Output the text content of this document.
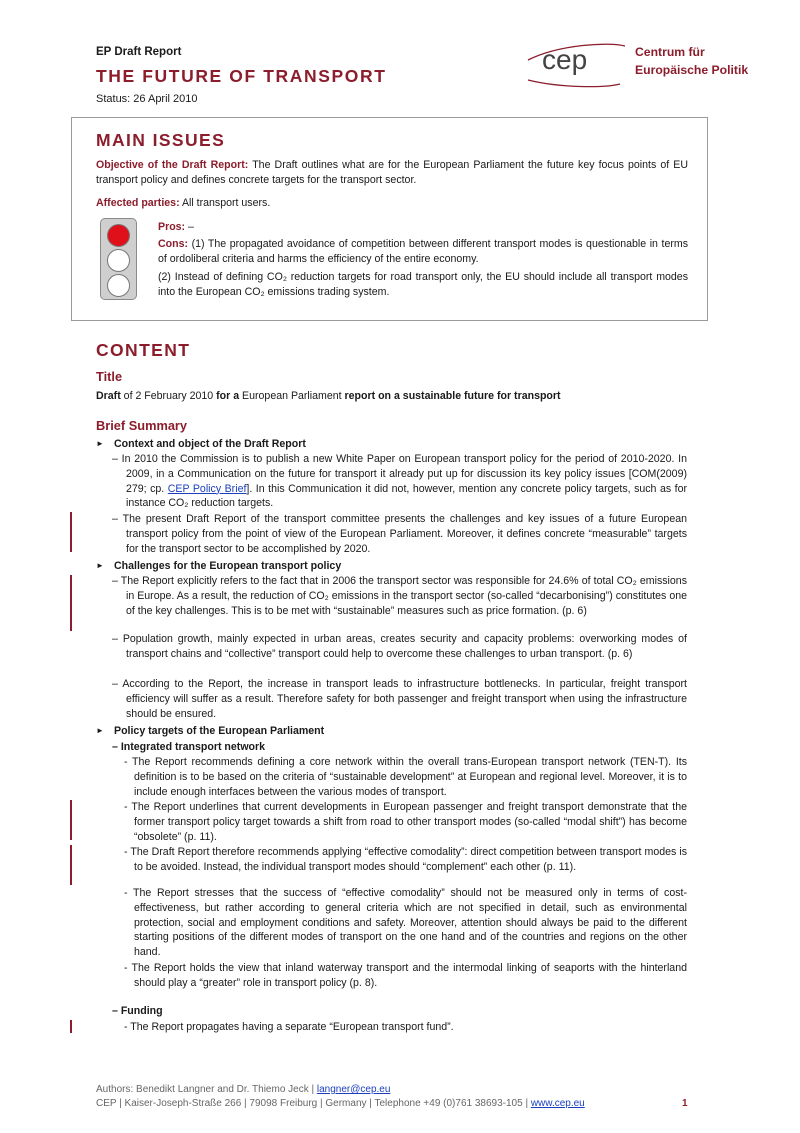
EP Draft Report
THE FUTURE OF TRANSPORT
Status: 26 April 2010
cep	Centrum für
Europäische Politik
MAIN ISSUES
Objective of the Draft Report: The Draft outlines what are for the European Parliament the future key focus points of EU transport policy and defines concrete targets for the transport sector.
Affected parties: All transport users.
Pros: –
Cons: (1) The propagated avoidance of competition between different transport modes is questionable in terms of ordoliberal criteria and harms the efficiency of the entire economy.
(2) Instead of defining CO₂ reduction targets for road transport only, the EU should include all transport modes into the European CO₂ emissions trading system.
CONTENT
Title
Draft of 2 February 2010 for a European Parliament report on a sustainable future for transport
Brief Summary
► Context and object of the Draft Report
– In 2010 the Commission is to publish a new White Paper on European transport policy for the period of 2010-2020. In 2009, in a Communication on the future for transport it already put up for discussion its key policy issues [COM(2009) 279; cp. CEP Policy Brief]. In this Communication it did not, however, mention any concrete policy targets, such as for instance CO₂ reduction targets.
– The present Draft Report of the transport committee presents the challenges and key issues of a future European transport policy from the point of view of the European Parliament. Moreover, it defines concrete “measurable” targets for the transport sector to be accomplished by 2020.
► Challenges for the European transport policy
– The Report explicitly refers to the fact that in 2006 the transport sector was responsible for 24.6% of total CO₂ emissions in Europe. As a result, the reduction of CO₂ emissions in the transport sector (so-called “decarbonising”) constitutes one of the key challenges. This is to be met with “sustainable” measures such as price formation. (p. 6)
– Population growth, mainly expected in urban areas, creates security and capacity problems: overworking modes of transport chains and “collective” transport could help to overcome these challenges to urban transport. (p. 6)
– According to the Report, the increase in transport leads to infrastructure bottlenecks. In particular, freight transport efficiency will suffer as a result. Therefore safety for both passenger and freight transport when using the infrastructure should be ensured.
► Policy targets of the European Parliament
– Integrated transport network
- The Report recommends defining a core network within the overall trans-European transport network (TEN-T). Its definition is to be based on the criteria of “sustainable development” at European and regional level. Moreover, it is to include enough interfaces between the various modes of transport.
- The Report underlines that current developments in European passenger and freight transport demonstrate that the former transport policy target towards a shift from road to other transport modes (so-called “modal shift”) has become “obsolete” (p. 11).
- The Draft Report therefore recommends applying “effective comodality”: direct competition between transport modes is to be avoided. Instead, the individual transport modes should “complement” each other (p. 11).
- The Report stresses that the success of “effective comodality” should not be measured only in terms of cost-effectiveness, but rather according to general criteria which are not specified in detail, such as environmental protection, social and employment conditions and safety. Moreover, attention should always be paid to the different starting positions of the different modes of transport on the one hand and of the countries and regions on the other hand.
- The Report holds the view that inland waterway transport and the intermodal linking of seaports with the hinterland should play a “greater” role in transport policy (p. 8).
– Funding
- The Report propagates having a separate “European transport fund”.
Authors: Benedikt Langner and Dr. Thiemo Jeck | langner@cep.eu
CEP | Kaiser-Joseph-Straße 266 | 79098 Freiburg | Germany | Telephone +49 (0)761 38693-105 | www.cep.eu	1
